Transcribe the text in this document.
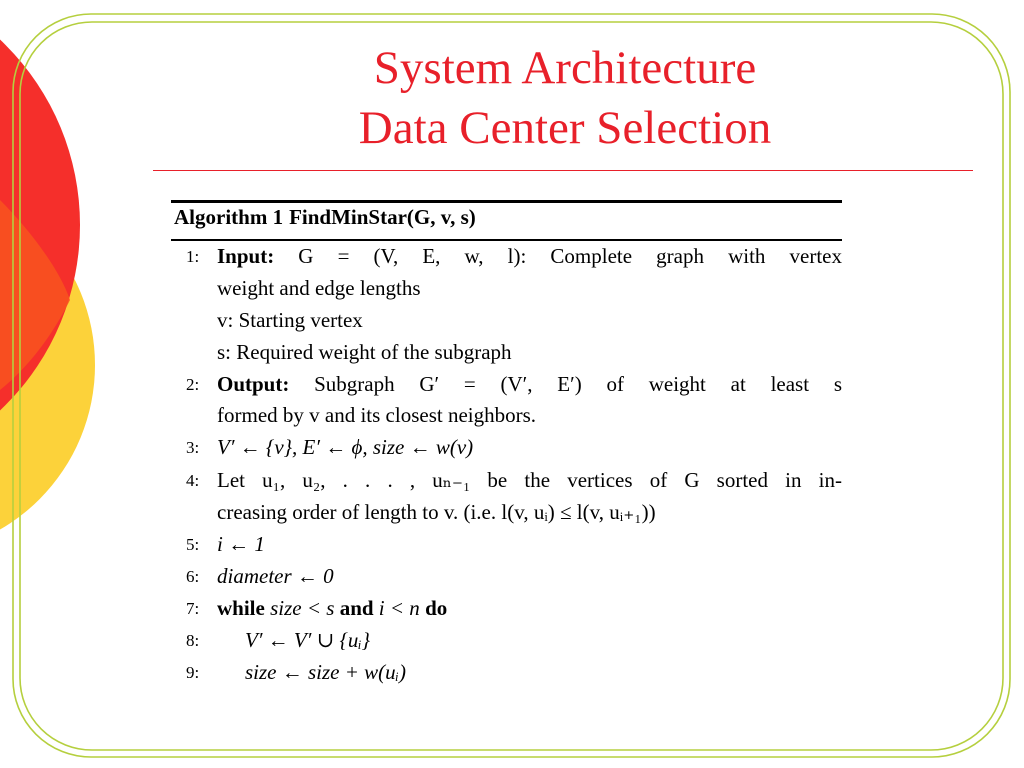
System Architecture
Data Center Selection
Algorithm 1 FindMinStar(G, v, s)
1: Input: G = (V, E, w, l): Complete graph with vertex
weight and edge lengths
v: Starting vertex
s: Required weight of the subgraph
2: Output: Subgraph G′ = (V′, E′) of weight at least s
formed by v and its closest neighbors.
3: V′ ← {v}, E′ ← ϕ, size ← w(v)
4: Let u₁, u₂, . . . , uₙ₋₁ be the vertices of G sorted in in-
creasing order of length to v. (i.e. l(v, uᵢ) ≤ l(v, uᵢ₊₁))
5: i ← 1
6: diameter ← 0
7: while size < s and i < n do
8:	V′ ← V′ ∪ {uᵢ}
9:	size ← size + w(uᵢ)
